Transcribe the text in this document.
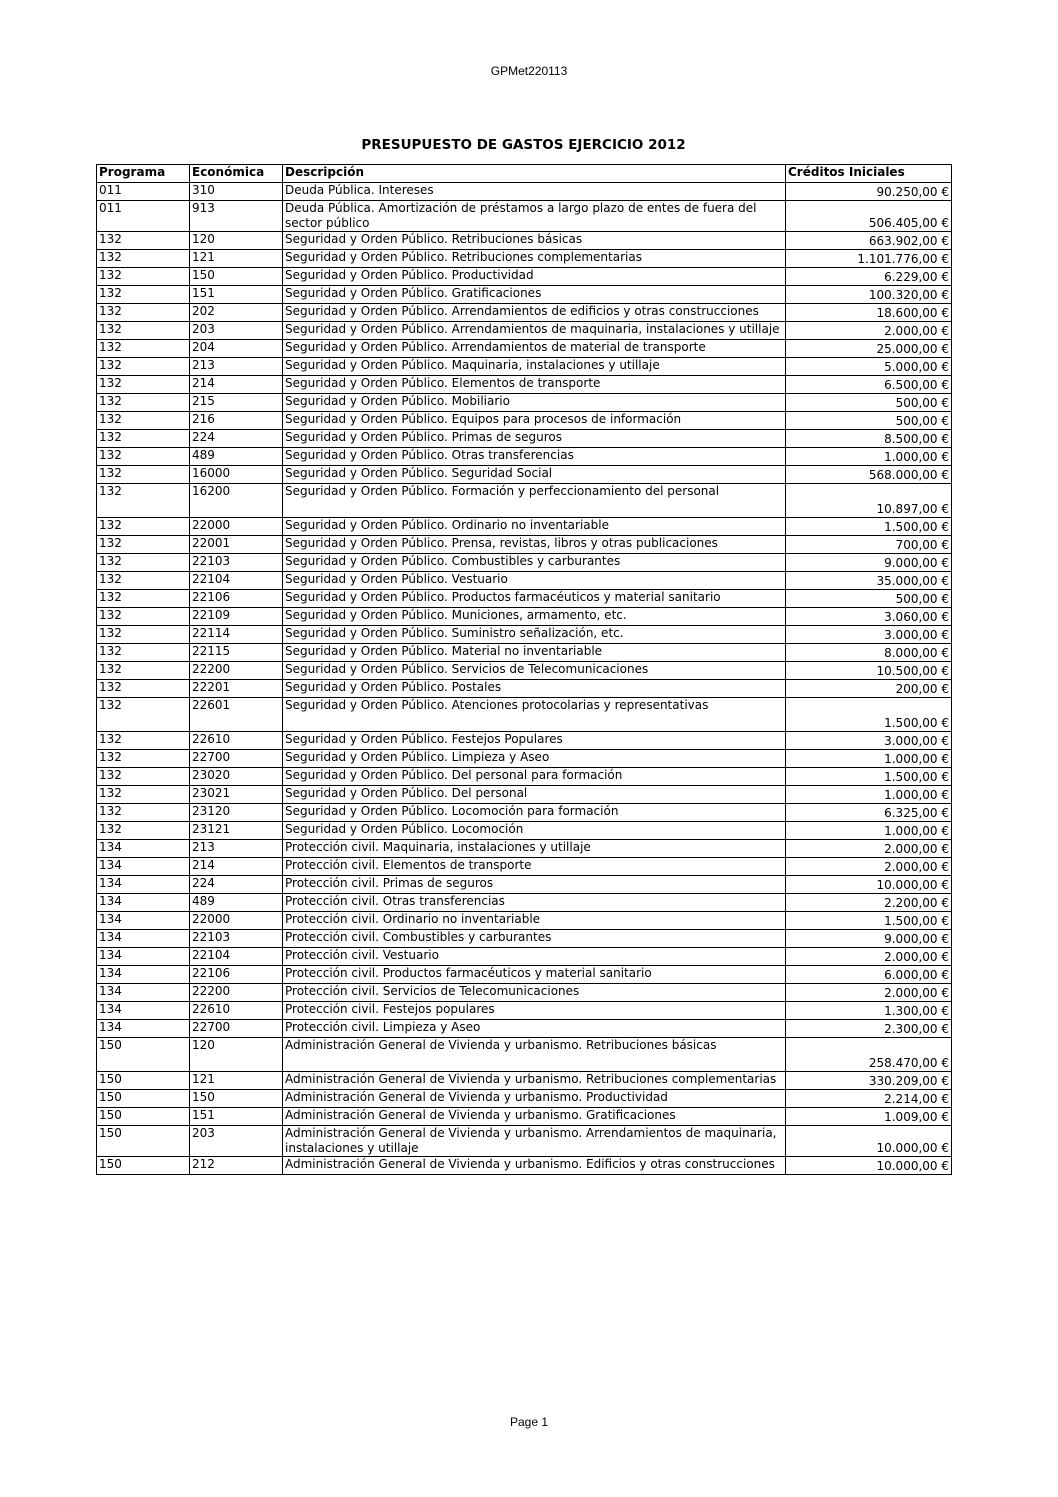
GPMet220113
PRESUPUESTO DE GASTOS EJERCICIO 2012
Programa	Económica	Descripción	Créditos Iniciales
011	310	Deuda Pública. Intereses	90.250,00 €
011	913	Deuda Pública. Amortización de préstamos a largo plazo de entes de fuera del sector público	506.405,00 €
132	120	Seguridad y Orden Público. Retribuciones básicas	663.902,00 €
132	121	Seguridad y Orden Público. Retribuciones complementarias	1.101.776,00 €
132	150	Seguridad y Orden Público. Productividad	6.229,00 €
132	151	Seguridad y Orden Público. Gratificaciones	100.320,00 €
132	202	Seguridad y Orden Público. Arrendamientos de edificios y otras construcciones	18.600,00 €
132	203	Seguridad y Orden Público. Arrendamientos de maquinaria, instalaciones y utillaje	2.000,00 €
132	204	Seguridad y Orden Público. Arrendamientos de material de transporte	25.000,00 €
132	213	Seguridad y Orden Público. Maquinaria, instalaciones y utillaje	5.000,00 €
132	214	Seguridad y Orden Público. Elementos de transporte	6.500,00 €
132	215	Seguridad y Orden Público. Mobiliario	500,00 €
132	216	Seguridad y Orden Público. Equipos para procesos de información	500,00 €
132	224	Seguridad y Orden Público. Primas de seguros	8.500,00 €
132	489	Seguridad y Orden Público. Otras transferencias	1.000,00 €
132	16000	Seguridad y Orden Público. Seguridad Social	568.000,00 €
132	16200	Seguridad y Orden Público. Formación y perfeccionamiento del personal	10.897,00 €
132	22000	Seguridad y Orden Público. Ordinario no inventariable	1.500,00 €
132	22001	Seguridad y Orden Público. Prensa, revistas, libros y otras publicaciones	700,00 €
132	22103	Seguridad y Orden Público. Combustibles y carburantes	9.000,00 €
132	22104	Seguridad y Orden Público. Vestuario	35.000,00 €
132	22106	Seguridad y Orden Público. Productos farmacéuticos y material sanitario	500,00 €
132	22109	Seguridad y Orden Público. Municiones, armamento, etc.	3.060,00 €
132	22114	Seguridad y Orden Público. Suministro señalización, etc.	3.000,00 €
132	22115	Seguridad y Orden Público. Material no inventariable	8.000,00 €
132	22200	Seguridad y Orden Público. Servicios de Telecomunicaciones	10.500,00 €
132	22201	Seguridad y Orden Público. Postales	200,00 €
132	22601	Seguridad y Orden Público. Atenciones protocolarias y representativas	1.500,00 €
132	22610	Seguridad y Orden Público. Festejos Populares	3.000,00 €
132	22700	Seguridad y Orden Público. Limpieza y Aseo	1.000,00 €
132	23020	Seguridad y Orden Público. Del personal para formación	1.500,00 €
132	23021	Seguridad y Orden Público. Del personal	1.000,00 €
132	23120	Seguridad y Orden Público. Locomoción para formación	6.325,00 €
132	23121	Seguridad y Orden Público. Locomoción	1.000,00 €
134	213	Protección civil. Maquinaria, instalaciones y utillaje	2.000,00 €
134	214	Protección civil. Elementos de transporte	2.000,00 €
134	224	Protección civil. Primas de seguros	10.000,00 €
134	489	Protección civil. Otras transferencias	2.200,00 €
134	22000	Protección civil. Ordinario no inventariable	1.500,00 €
134	22103	Protección civil. Combustibles y carburantes	9.000,00 €
134	22104	Protección civil. Vestuario	2.000,00 €
134	22106	Protección civil. Productos farmacéuticos y material sanitario	6.000,00 €
134	22200	Protección civil. Servicios de Telecomunicaciones	2.000,00 €
134	22610	Protección civil. Festejos populares	1.300,00 €
134	22700	Protección civil. Limpieza y Aseo	2.300,00 €
150	120	Administración General de Vivienda y urbanismo. Retribuciones básicas	258.470,00 €
150	121	Administración General de Vivienda y urbanismo. Retribuciones complementarias	330.209,00 €
150	150	Administración General de Vivienda y urbanismo. Productividad	2.214,00 €
150	151	Administración General de Vivienda y urbanismo. Gratificaciones	1.009,00 €
150	203	Administración General de Vivienda y urbanismo. Arrendamientos de maquinaria, instalaciones y utillaje	10.000,00 €
150	212	Administración General de Vivienda y urbanismo. Edificios y otras construcciones	10.000,00 €
Page 1
